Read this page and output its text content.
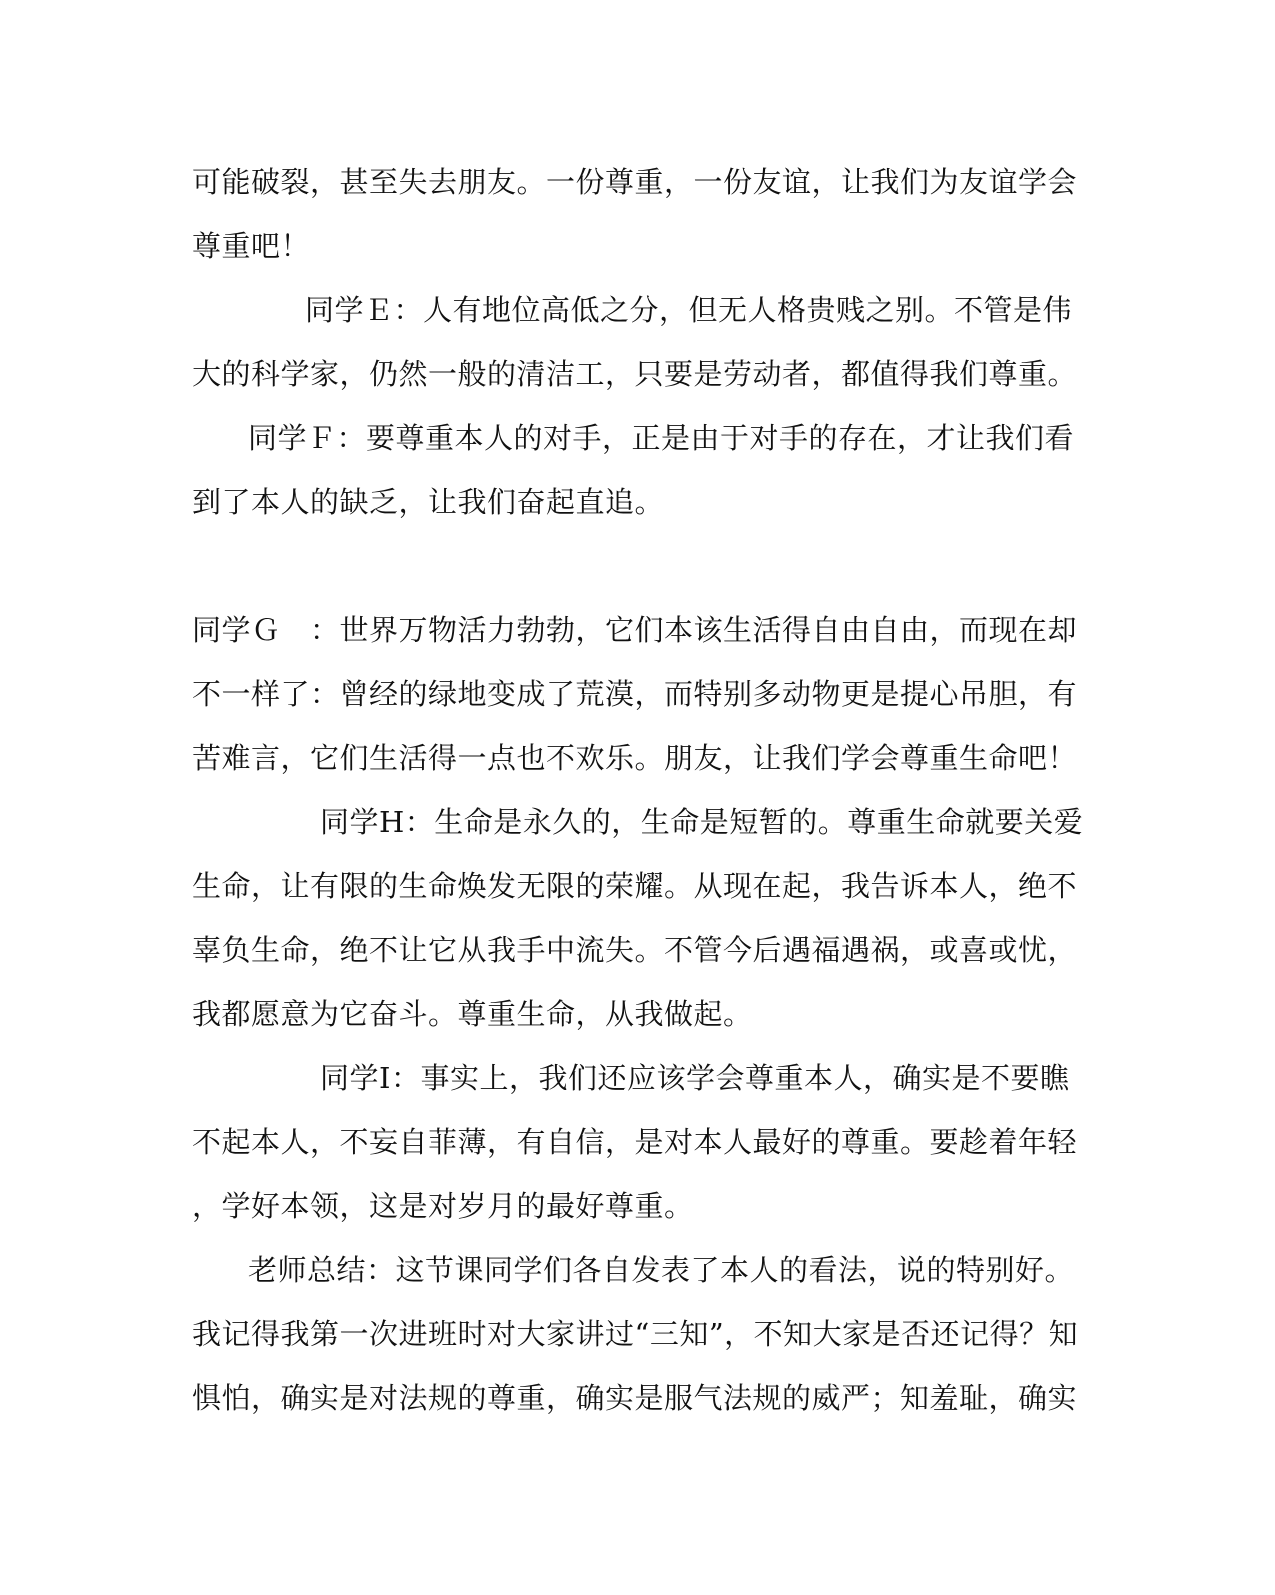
可能破裂，甚至失去朋友。一份尊重，一份友谊，让我们为友谊学会
尊重吧！
同学Ｅ：人有地位高低之分，但无人格贵贱之别。不管是伟
大的科学家，仍然一般的清洁工，只要是劳动者，都值得我们尊重。
同学Ｆ：要尊重本人的对手，正是由于对手的存在，才让我们看
到了本人的缺乏，让我们奋起直追。
同学Ｇ　：世界万物活力勃勃，它们本该生活得自由自由，而现在却
不一样了：曾经的绿地变成了荒漠，而特别多动物更是提心吊胆，有
苦难言，它们生活得一点也不欢乐。朋友，让我们学会尊重生命吧！
同学H：生命是永久的，生命是短暂的。尊重生命就要关爱
生命，让有限的生命焕发无限的荣耀。从现在起，我告诉本人，绝不
辜负生命，绝不让它从我手中流失。不管今后遇福遇祸，或喜或忧，
我都愿意为它奋斗。尊重生命，从我做起。
同学I：事实上，我们还应该学会尊重本人，确实是不要瞧
不起本人，不妄自菲薄，有自信，是对本人最好的尊重。要趁着年轻
，学好本领，这是对岁月的最好尊重。
老师总结：这节课同学们各自发表了本人的看法，说的特别好。
我记得我第一次进班时对大家讲过“三知”，不知大家是否还记得？知
惧怕，确实是对法规的尊重，确实是服气法规的威严；知羞耻，确实
